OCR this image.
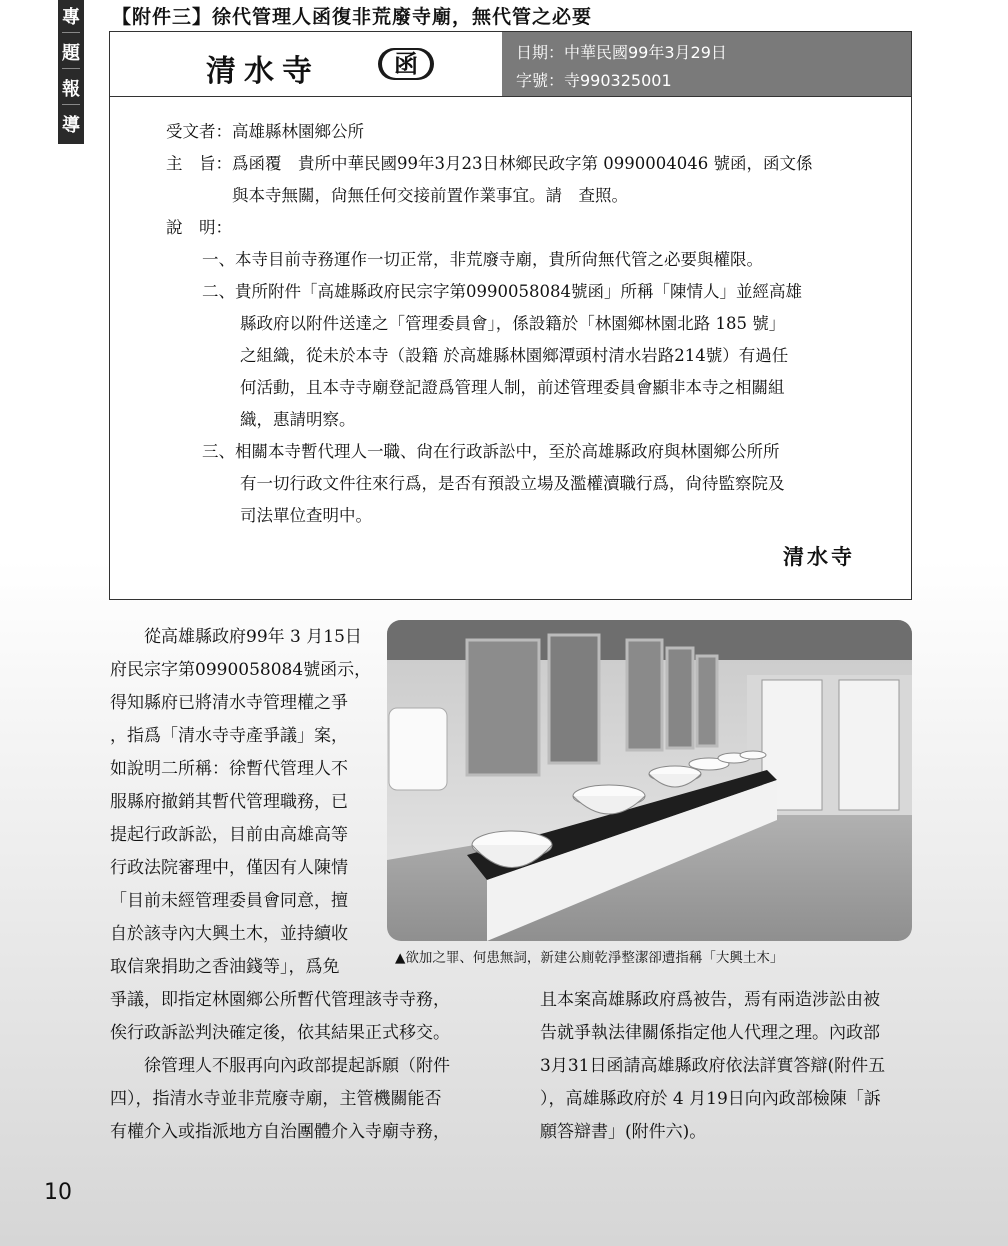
專
題
報
導
【附件三】徐代管理人函復非荒廢寺廟，無代管之必要
清水寺	函	日期：中華民國99年3月29日
字號：寺990325001
受文者：高雄縣林園鄉公所
主　旨：爲函覆　貴所中華民國99年3月23日林鄉民政字第 0990004046 號函，函文係
與本寺無關，尙無任何交接前置作業事宜。請　查照。
說　明：
一、本寺目前寺務運作一切正常，非荒廢寺廟，貴所尙無代管之必要與權限。
二、貴所附件「高雄縣政府民宗字第0990058084號函」所稱「陳情人」並經高雄
縣政府以附件送達之「管理委員會」，係設籍於「林園鄉林園北路 185 號」
之組織，從未於本寺（設籍 於高雄縣林園鄉潭頭村清水岩路214號）有過任
何活動，且本寺寺廟登記證爲管理人制，前述管理委員會顯非本寺之相關組
織，惠請明察。
三、相關本寺暫代理人一職、尙在行政訴訟中，至於高雄縣政府與林園鄉公所所
有一切行政文件往來行爲，是否有預設立場及濫權瀆職行爲，尙待監察院及
司法單位查明中。
清水寺
▲欲加之罪、何患無詞，新建公廁乾淨整潔卻遭指稱「大興土木」
　　從高雄縣政府99年 3 月15日
府民宗字第0990058084號函示，
得知縣府已將清水寺管理權之爭
，指爲「清水寺寺產爭議」案，
如說明二所稱：徐暫代管理人不
服縣府撤銷其暫代管理職務，已
提起行政訴訟，目前由高雄高等
行政法院審理中，僅因有人陳情
「目前未經管理委員會同意，擅
自於該寺內大興土木，並持續收
取信衆捐助之香油錢等」，爲免
爭議，即指定林園鄉公所暫代管理該寺寺務，
俟行政訴訟判決確定後，依其結果正式移交。
　　徐管理人不服再向內政部提起訴願（附件
四），指清水寺並非荒廢寺廟，主管機關能否
有權介入或指派地方自治團體介入寺廟寺務，
且本案高雄縣政府爲被告，焉有兩造涉訟由被
告就爭執法律關係指定他人代理之理。內政部
3月31日函請高雄縣政府依法詳實答辯(附件五
），高雄縣政府於 4 月19日向內政部檢陳「訴
願答辯書」(附件六)。
10
